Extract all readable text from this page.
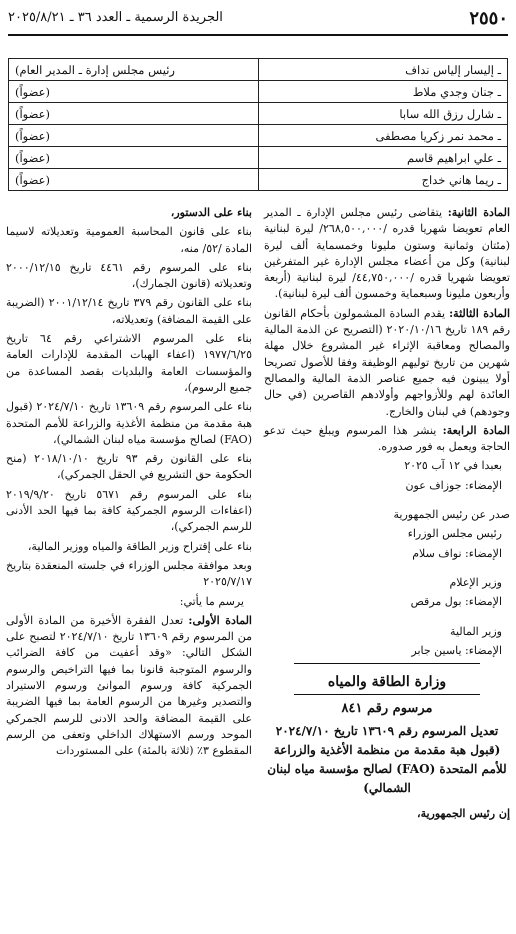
٢٥٥٠
الجريدة الرسمية ـ العدد ٣٦ ـ ٢٠٢٥/٨/٢١
ـ إليسار إلياس نداف	رئيس مجلس إدارة ـ المدير العام)
ـ جنان وجدي ملاط	(عضواً)
ـ شارل رزق الله سابا	(عضواً)
ـ محمد نمر زكريا مصطفى	(عضواً)
ـ علي ابراهيم قاسم	(عضواً)
ـ ريما هاني خداج	(عضواً)

المادة الثانية: يتقاضى رئيس مجلس الإدارة ـ المدير العام تعويضا شهريا قدره /٢٦٨,٥٠٠,٠٠٠/ ليرة لبنانية (مئتان وثمانية وستون مليونا وخمسماية ألف ليرة لبنانية) وكل من أعضاء مجلس الإدارة غير المتفرغين تعويضا شهريا قدره /٤٤,٧٥٠,٠٠٠/ ليرة لبنانية (أربعة وأربعون مليونا وسبعماية وخمسون ألف ليرة لبنانية).

المادة الثالثة: يقدم السادة المشمولون بأحكام القانون رقم ١٨٩ تاريخ ٢٠٢٠/١٠/١٦ (التصريح عن الذمة المالية والمصالح ومعاقبة الإثراء غير المشروع خلال مهلة شهرين من تاريخ توليهم الوظيفة وفقا للأصول تصريحا أولا يبينون فيه جميع عناصر الذمة المالية والمصالح العائدة لهم وللأزواجهم وأولادهم القاصرين (في حال وجودهم) في لبنان والخارج.

المادة الرابعة: ينشر هذا المرسوم ويبلغ حيث تدعو الحاجة ويعمل به فور صدوره.

بعبدا في ١٢ آب ٢٠٢٥

الإمضاء: جوزاف عون

صدر عن رئيس الجمهورية

رئيس مجلس الوزراء

الإمضاء: نواف سلام

وزير الإعلام

الإمضاء: بول مرقص

وزير المالية

الإمضاء: ياسين جابر

وزارة الطاقة والمياه
مرسوم رقم ٨٤١
تعديل المرسوم رقم ١٣٦٠٩ تاريخ ٢٠٢٤/٧/١٠ (قبول هبة مقدمة من منظمة الأغذية والزراعة للأمم المتحدة (FAO) لصالح مؤسسة مياه لبنان الشمالي)

إن رئيس الجمهورية،

بناء على الدستور،

بناء على قانون المحاسبة العمومية وتعديلاته لاسيما المادة /٥٢/ منه،

بناء على المرسوم رقم ٤٤٦١ تاريخ ٢٠٠٠/١٢/١٥ وتعديلاته (قانون الجمارك)،

بناء على القانون رقم ٣٧٩ تاريخ ٢٠٠١/١٢/١٤ (الضريبة على القيمة المضافة) وتعديلاته،

بناء على المرسوم الاشتراعي رقم ٦٤ تاريخ ١٩٧٧/٦/٢٥ (اعفاء الهبات المقدمة للإدارات العامة والمؤسسات العامة والبلديات بقصد المساعدة من جميع الرسوم)،

بناء على المرسوم رقم ١٣٦٠٩ تاريخ ٢٠٢٤/٧/١٠ (قبول هبة مقدمة من منظمة الأغذية والزراعة للأمم المتحدة (FAO) لصالح مؤسسة مياه لبنان الشمالي)،

بناء على القانون رقم ٩٣ تاريخ ٢٠١٨/١٠/١٠ (منح الحكومة حق التشريع في الحقل الجمركي)،

بناء على المرسوم رقم ٥٦٧١ تاريخ ٢٠١٩/٩/٢٠ (اعفاءات الرسوم الجمركية كافة بما فيها الحد الأدنى للرسم الجمركي)،

بناء على إقتراح وزير الطاقة والمياه ووزير المالية،

وبعد موافقة مجلس الوزراء في جلسته المنعقدة بتاريخ ٢٠٢٥/٧/١٧

يرسم ما يأتي:

المادة الأولى: تعدل الفقرة الأخيرة من المادة الأولى من المرسوم رقم ١٣٦٠٩ تاريخ ٢٠٢٤/٧/١٠ لتصبح على الشكل التالي: «وقد أعفيت من كافة الضرائب والرسوم المتوجبة قانونا بما فيها التراخيص والرسوم الجمركية كافة ورسوم الموانئ ورسوم الاستيراد والتصدير وغيرها من الرسوم العامة بما فيها الضريبة على القيمة المضافة والحد الادنى للرسم الجمركي الموحد ورسم الاستهلاك الداخلي وتعفى من الرسم المقطوع ٣٪ (ثلاثة بالمئة) على المستوردات
